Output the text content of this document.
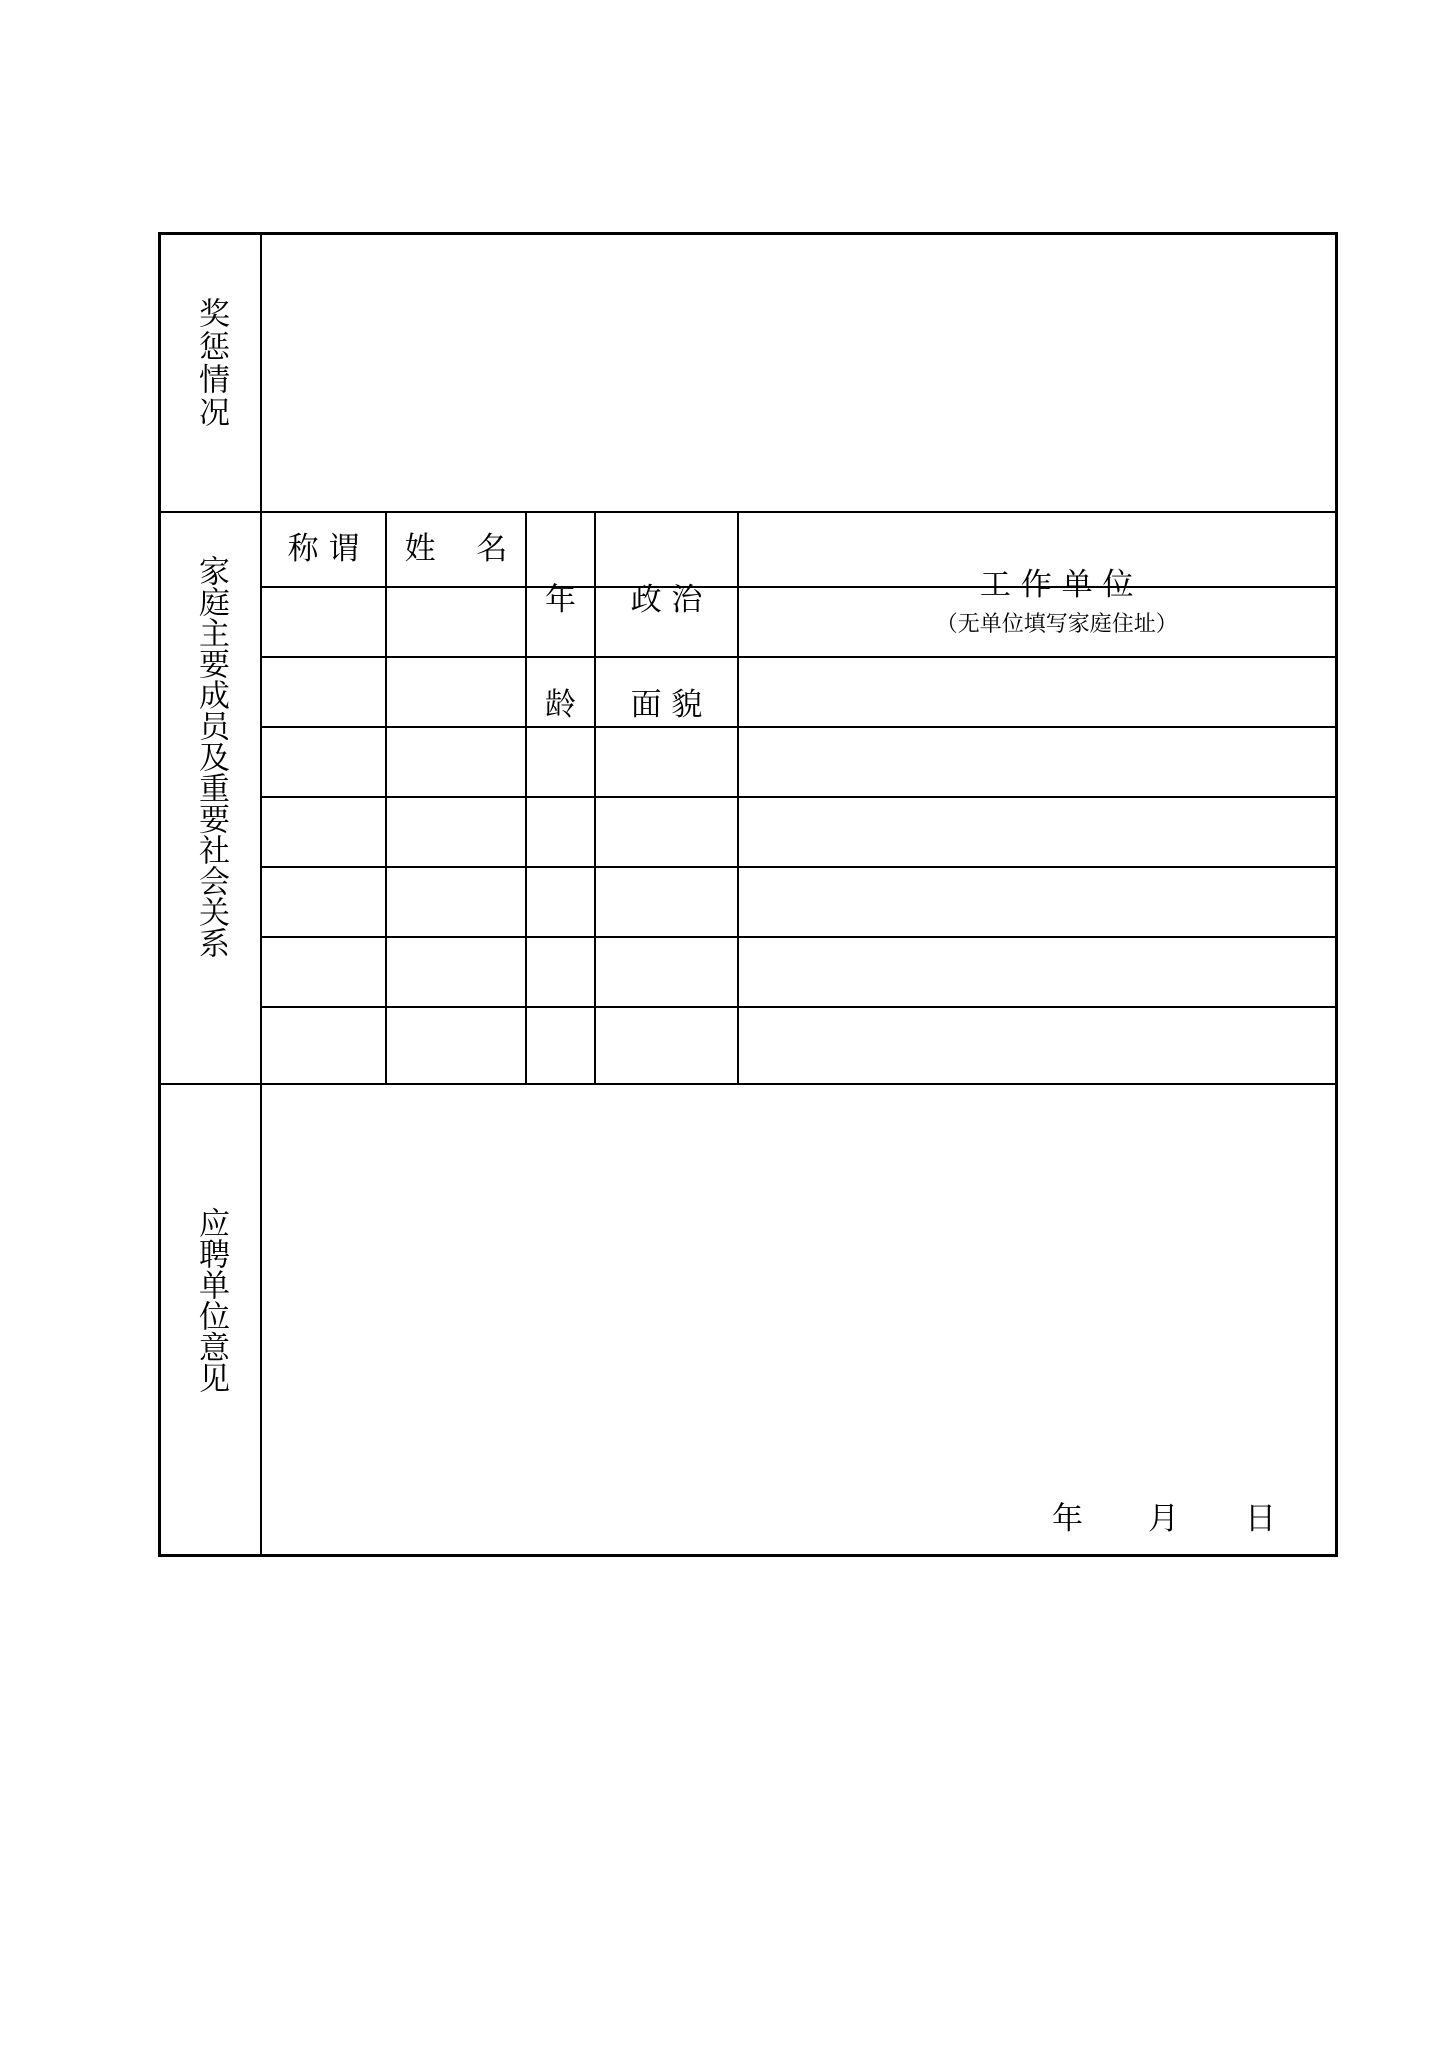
奖惩情况
家庭主要成员及重要社会关系
称 谓	姓　 名

年

龄

政 治

面 貌

工 作 单 位
（无单位填写家庭住址）

应聘单位意见
年 月 日
